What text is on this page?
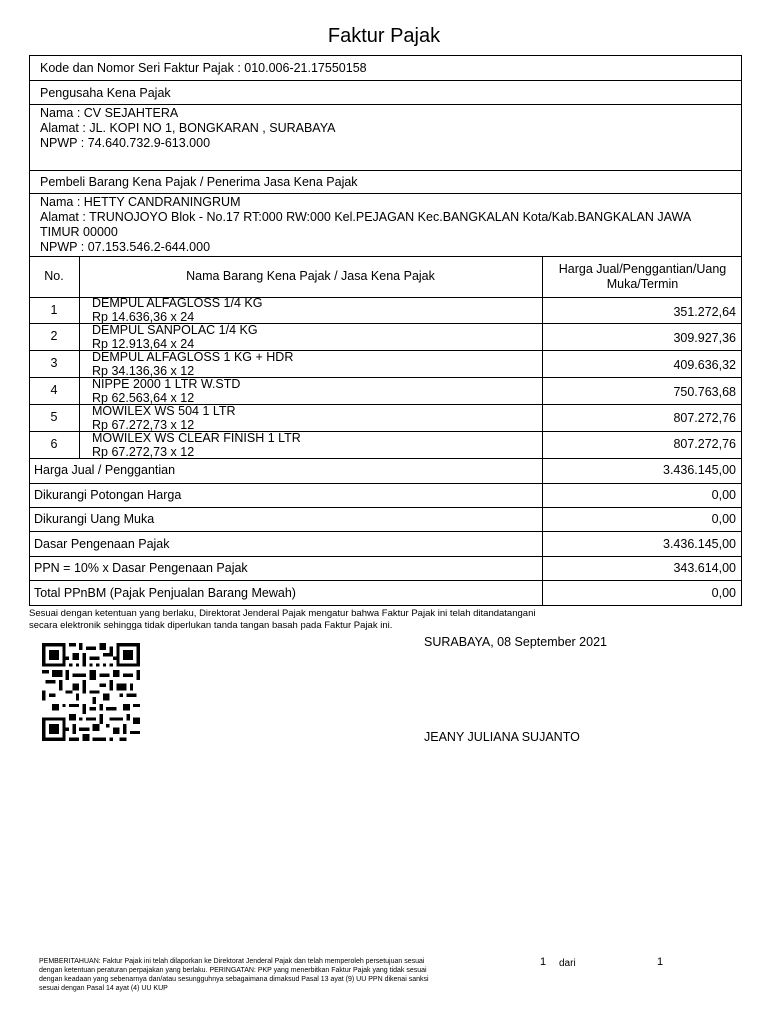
Faktur Pajak
Kode dan Nomor Seri Faktur Pajak : 010.006-21.17550158
Pengusaha Kena Pajak
Nama : CV SEJAHTERA
Alamat : JL. KOPI NO 1, BONGKARAN , SURABAYA
NPWP : 74.640.732.9-613.000
Pembeli Barang Kena Pajak / Penerima Jasa Kena Pajak
Nama : HETTY CANDRANINGRUM
Alamat : TRUNOJOYO Blok - No.17 RT:000 RW:000 Kel.PEJAGAN Kec.BANGKALAN Kota/Kab.BANGKALAN JAWA
TIMUR 00000
NPWP : 07.153.546.2-644.000
No.	Nama Barang Kena Pajak / Jasa Kena Pajak	Harga Jual/Penggantian/Uang
Muka/Termin
1	DEMPUL ALFAGLOSS 1/4 KG
Rp 14.636,36 x 24	351.272,64
2	DEMPUL SANPOLAC 1/4 KG
Rp 12.913,64 x 24	309.927,36
3	DEMPUL ALFAGLOSS 1 KG + HDR
Rp 34.136,36 x 12	409.636,32
4	NIPPE 2000 1 LTR W.STD
Rp 62.563,64 x 12	750.763,68
5	MOWILEX WS 504 1 LTR
Rp 67.272,73 x 12	807.272,76
6	MOWILEX WS CLEAR FINISH 1 LTR
Rp 67.272,73 x 12
807.272,76
Harga Jual / Penggantian	3.436.145,00
Dikurangi Potongan Harga	0,00
Dikurangi Uang Muka	0,00
Dasar Pengenaan Pajak	3.436.145,00
PPN = 10% x Dasar Pengenaan Pajak	343.614,00
Total PPnBM (Pajak Penjualan Barang Mewah)	0,00
Sesuai dengan ketentuan yang berlaku, Direktorat Jenderal Pajak mengatur bahwa Faktur Pajak ini telah ditandatangani
secara elektronik sehingga tidak diperlukan tanda tangan basah pada Faktur Pajak ini.
SURABAYA, 08 September 2021
JEANY JULIANA SUJANTO
PEMBERITAHUAN: Faktur Pajak ini telah dilaporkan ke Direktorat Jenderal Pajak dan telah memperoleh persetujuan sesuai
dengan ketentuan peraturan perpajakan yang berlaku. PERINGATAN: PKP yang menerbitkan Faktur Pajak yang tidak sesuai
dengan keadaan yang sebenarnya dan/atau sesungguhnya sebagaimana dimaksud Pasal 13 ayat (9) UU PPN dikenai sanksi
sesuai dengan Pasal 14 ayat (4) UU KUP
1 dari	1
